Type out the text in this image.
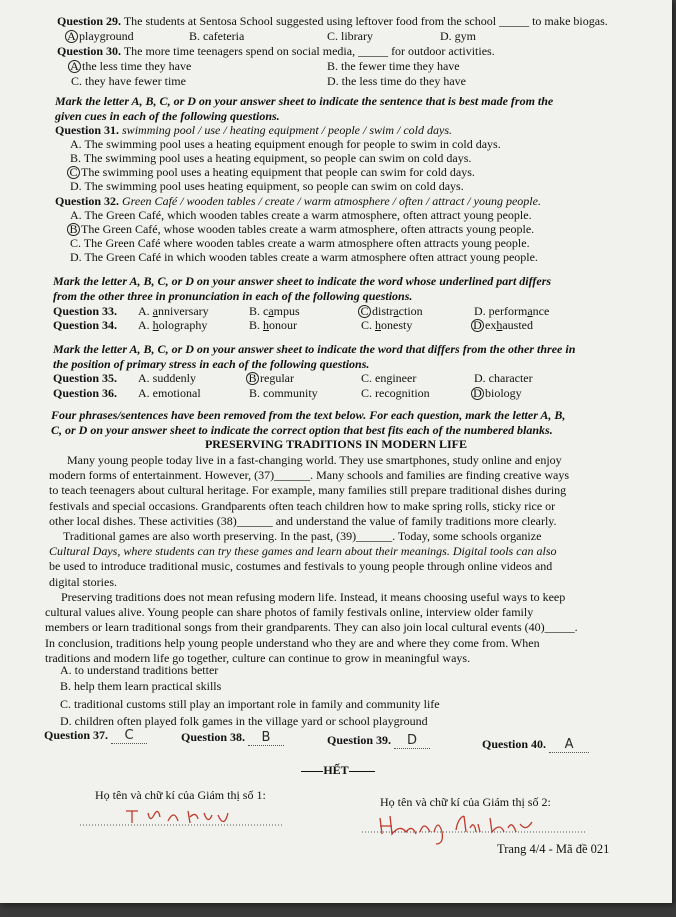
Question 29. The students at Sentosa School suggested using leftover food from the school _____ to make biogas.
A playground	B. cafeteria	C. library	D. gym
Question 30. The more time teenagers spend on social media, _____ for outdoor activities.
A the less time they have	B. the fewer time they have
C. they have fewer time	D. the less time do they have
Mark the letter A, B, C, or D on your answer sheet to indicate the sentence that is best made from the
given cues in each of the following questions.
Question 31. swimming pool / use / heating equipment / people / swim / cold days.
A. The swimming pool uses a heating equipment enough for people to swim in cold days.
B. The swimming pool uses a heating equipment, so people can swim on cold days.
C The swimming pool uses a heating equipment that people can swim for cold days.
D. The swimming pool uses heating equipment, so people can swim on cold days.
Question 32. Green Café / wooden tables / create / warm atmosphere / often / attract / young people.
A. The Green Café, which wooden tables create a warm atmosphere, often attract young people.
B The Green Café, whose wooden tables create a warm atmosphere, often attracts young people.
C. The Green Café where wooden tables create a warm atmosphere often attracts young people.
D. The Green Café in which wooden tables create a warm atmosphere often attract young people.
Mark the letter A, B, C, or D on your answer sheet to indicate the word whose underlined part differs
from the other three in pronunciation in each of the following questions.
Question 33. A. anniversary	B. campus	C distraction	D. performance
Question 34. A. holography	B. honour	C. honesty	D exhausted
Mark the letter A, B, C, or D on your answer sheet to indicate the word that differs from the other three in
the position of primary stress in each of the following questions.
Question 35. A. suddenly	B regular	C. engineer	D. character
Question 36. A. emotional	B. community	C. recognition	D biology
Four phrases/sentences have been removed from the text below. For each question, mark the letter A, B,
C, or D on your answer sheet to indicate the correct option that best fits each of the numbered blanks.
PRESERVING TRADITIONS IN MODERN LIFE
Many young people today live in a fast-changing world. They use smartphones, study online and enjoy
modern forms of entertainment. However, (37)______. Many schools and families are finding creative ways
to teach teenagers about cultural heritage. For example, many families still prepare traditional dishes during
festivals and special occasions. Grandparents often teach children how to make spring rolls, sticky rice or
other local dishes. These activities (38)______ and understand the value of family traditions more clearly.
Traditional games are also worth preserving. In the past, (39)______. Today, some schools organize
Cultural Days, where students can try these games and learn about their meanings. Digital tools can also
be used to introduce traditional music, costumes and festivals to young people through online videos and
digital stories.
Preserving traditions does not mean refusing modern life. Instead, it means choosing useful ways to keep
cultural values alive. Young people can share photos of family festivals online, interview older family
members or learn traditional songs from their grandparents. They can also join local cultural events (40)_____.
In conclusion, traditions help young people understand who they are and where they come from. When
traditions and modern life go together, culture can continue to grow in meaningful ways.
A. to understand traditions better
B. help them learn practical skills
C. traditional customs still play an important role in family and community life
D. children often played folk games in the village yard or school playground
Question 37. C	Question 38. B	Question 39. D	Question 40. A
HẾT
Họ tên và chữ kí của Giám thị số 1:	Họ tên và chữ kí của Giám thị số 2:
Trang 4/4 - Mã đề 021
